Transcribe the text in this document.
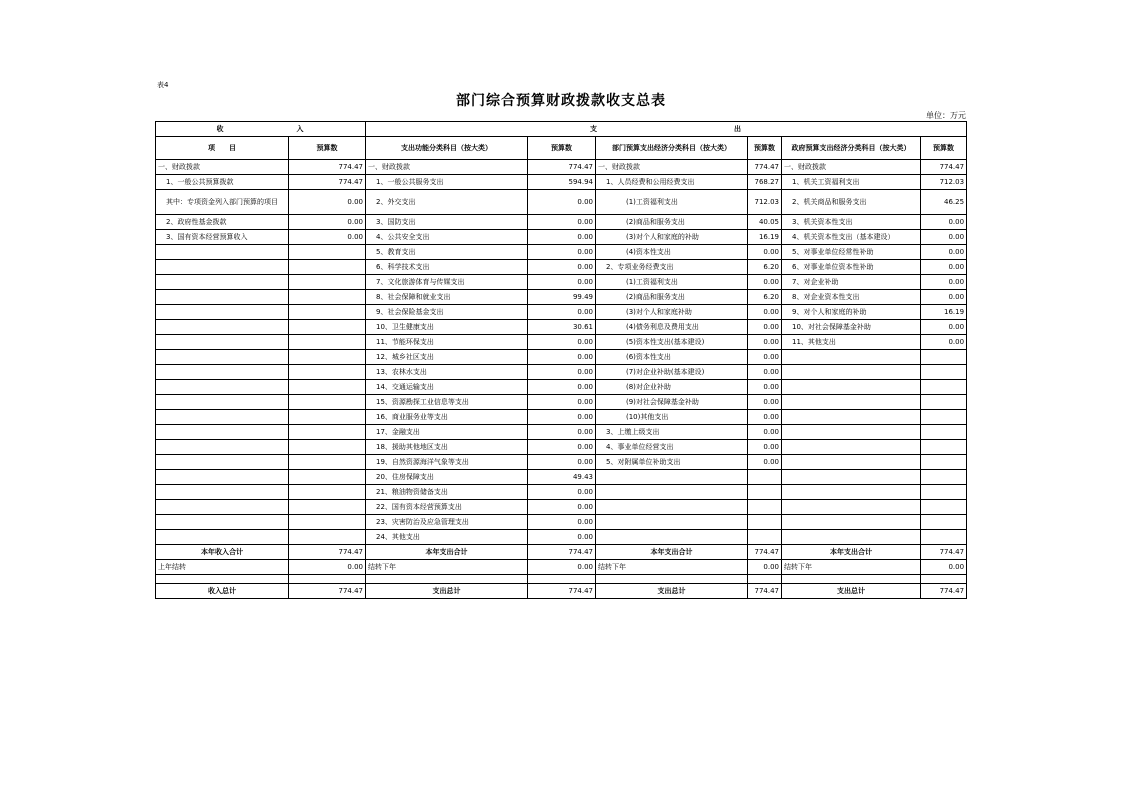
表4
部门综合预算财政拨款收支总表
单位：万元
收　　　　　　　　　入		支　　　　　　　　　　　　　　　　　出					
项　　目	预算数	支出功能分类科目（按大类）	预算数	部门预算支出经济分类科目（按大类）	预算数	政府预算支出经济分类科目（按大类）	预算数
一、财政拨款	774.47	一、财政拨款	774.47	一、财政拨款	774.47	一、财政拨款	774.47
1、一般公共预算拨款	774.47	1、一般公共服务支出	594.94	1、人员经费和公用经费支出	768.27	1、机关工资福利支出	712.03
其中：专项资金列入部门预算的项目	0.00	2、外交支出	0.00	(1)工资福利支出	712.03	2、机关商品和服务支出	46.25
2、政府性基金拨款	0.00	3、国防支出	0.00	(2)商品和服务支出	40.05	3、机关资本性支出	0.00
3、国有资本经营预算收入	0.00	4、公共安全支出	0.00	(3)对个人和家庭的补助	16.19	4、机关资本性支出（基本建设）	0.00
		5、教育支出	0.00	(4)资本性支出	0.00	5、对事业单位经常性补助	0.00
		6、科学技术支出	0.00	2、专项业务经费支出	6.20	6、对事业单位资本性补助	0.00
		7、文化旅游体育与传媒支出	0.00	(1)工资福利支出	0.00	7、对企业补助	0.00
		8、社会保障和就业支出	99.49	(2)商品和服务支出	6.20	8、对企业资本性支出	0.00
		9、社会保险基金支出	0.00	(3)对个人和家庭补助	0.00	9、对个人和家庭的补助	16.19
		10、卫生健康支出	30.61	(4)债务利息及费用支出	0.00	10、对社会保障基金补助	0.00
		11、节能环保支出	0.00	(5)资本性支出(基本建设)	0.00	11、其他支出	0.00
		12、城乡社区支出	0.00	(6)资本性支出	0.00		
		13、农林水支出	0.00	(7)对企业补助(基本建设)	0.00		
		14、交通运输支出	0.00	(8)对企业补助	0.00		
		15、资源勘探工业信息等支出	0.00	(9)对社会保障基金补助	0.00		
		16、商业服务业等支出	0.00	(10)其他支出	0.00		
		17、金融支出	0.00	3、上缴上级支出	0.00		
		18、援助其他地区支出	0.00	4、事业单位经营支出	0.00		
		19、自然资源海洋气象等支出	0.00	5、对附属单位补助支出	0.00		
		20、住房保障支出	49.43				
		21、粮油物资储备支出	0.00				
		22、国有资本经营预算支出	0.00				
		23、灾害防治及应急管理支出	0.00				
		24、其他支出	0.00				
本年收入合计	774.47	本年支出合计	774.47	本年支出合计	774.47	本年支出合计	774.47
上年结转	0.00	结转下年	0.00	结转下年	0.00	结转下年	0.00

收入总计	774.47	支出总计	774.47	支出总计	774.47	支出总计	774.47
